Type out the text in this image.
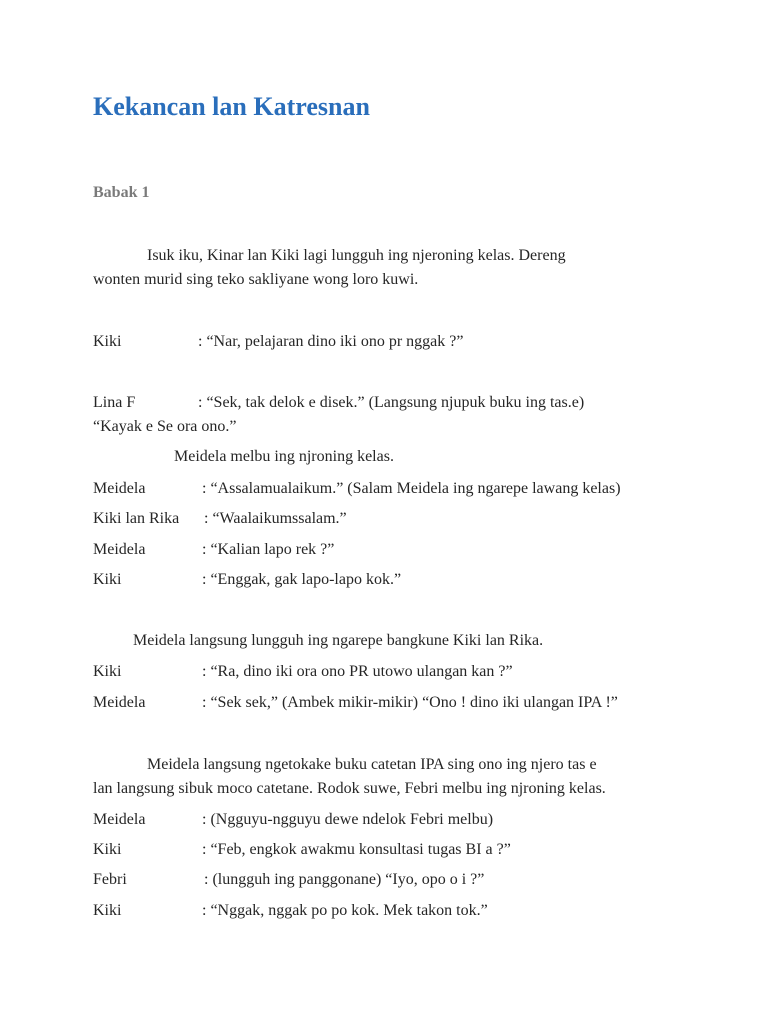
Kekancan lan Katresnan
Babak 1
Isuk iku, Kinar lan Kiki lagi lungguh ing njeroning kelas. Dereng
wonten murid sing teko sakliyane wong loro kuwi.
Kiki	: “Nar, pelajaran dino iki ono pr nggak ?”
Lina F	: “Sek, tak delok e disek.” (Langsung njupuk buku ing tas.e)
“Kayak e Se ora ono.”
Meidela melbu ing njroning kelas.
Meidela	: “Assalamualaikum.” (Salam Meidela ing ngarepe lawang kelas)
Kiki lan Rika : “Waalaikumssalam.”
Meidela	: “Kalian lapo rek ?”
Kiki	: “Enggak, gak lapo-lapo kok.”
Meidela langsung lungguh ing ngarepe bangkune Kiki lan Rika.
Kiki	: “Ra, dino iki ora ono PR utowo ulangan kan ?”
Meidela	: “Sek sek,” (Ambek mikir-mikir) “Ono ! dino iki ulangan IPA !”
Meidela langsung ngetokake buku catetan IPA sing ono ing njero tas e
lan langsung sibuk moco catetane. Rodok suwe, Febri melbu ing njroning kelas.
Meidela	: (Ngguyu-ngguyu dewe ndelok Febri melbu)
Kiki	: “Feb, engkok awakmu konsultasi tugas BI a ?”
Febri	: (lungguh ing panggonane) “Iyo, opo o i ?”
Kiki	: “Nggak, nggak po po kok. Mek takon tok.”
